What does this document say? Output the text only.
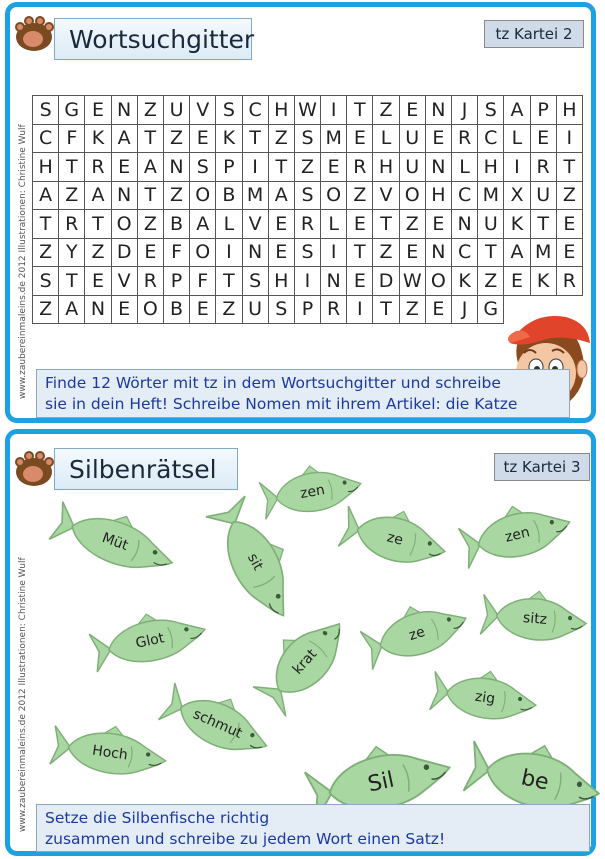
Wortsuchgitter	tz Kartei 2
www.zaubereinmaleins.de 2012 Illustrationen: Christine Wulf
S	G	E	N	Z	U	V	S	C	H	W	I	T	Z	E	N	J	S	A	P	H
C	F	K	A	T	Z	E	K	T	Z	S	M	E	L	U	E	R	C	L	E	I
H	T	R	E	A	N	S	P	I	T	Z	E	R	H	U	N	L	H	I	R	T
A	Z	A	N	T	Z	O	B	M	A	S	O	Z	V	O	H	C	M	X	U	Z
T	R	T	O	Z	B	A	L	V	E	R	L	E	T	Z	E	N	U	K	T	E
Z	Y	Z	D	E	F	O	I	N	E	S	I	T	Z	E	N	C	T	A	M	E
S	T	E	V	R	P	F	T	S	H	I	N	E	D	W	O	K	Z	E	K	R
Z	A	N	E	O	B	E	Z	U	S	P	R	I	T	Z	E	J	G			
Finde 12 Wörter mit tz in dem Wortsuchgitter und schreibe
sie in dein Heft! Schreibe Nomen mit ihrem Artikel: die Katze
Silbenrätsel	tz Kartei 3
www.zaubereinmaleins.de 2012 Illustrationen: Christine Wulf
zen
Müt
sit
ze	zen
Glot
krat
ze
sitz
zig
schmut
Hoch
Sil	be
Setze die Silbenfische richtig
zusammen und schreibe zu jedem Wort einen Satz!
